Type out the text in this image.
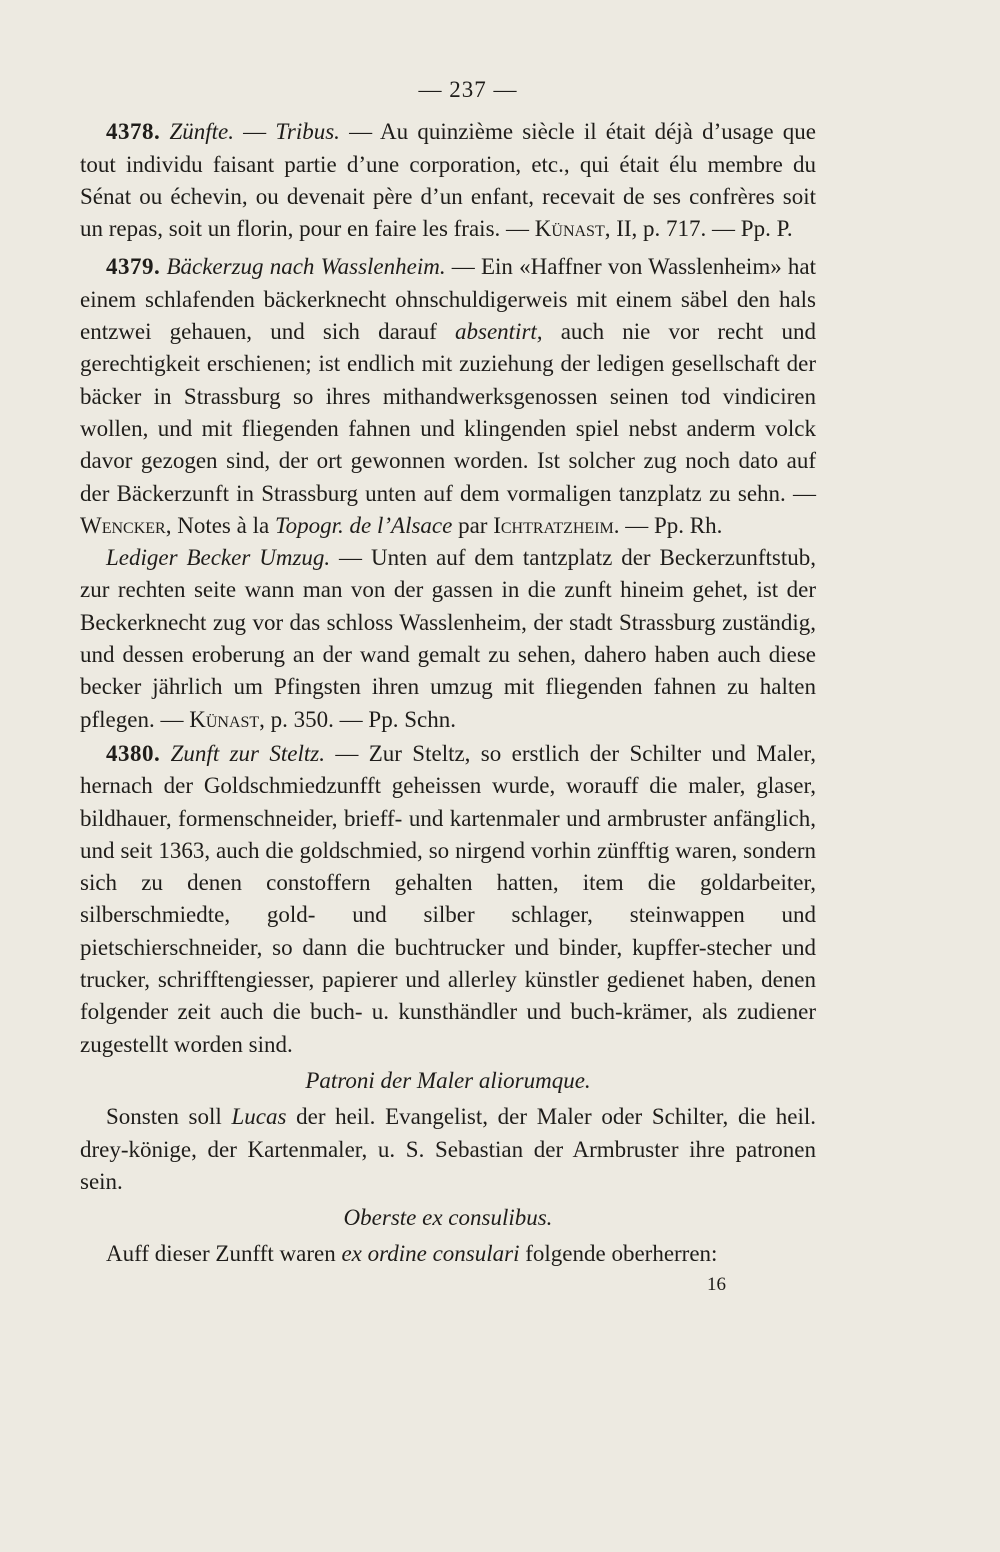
— 237 —

4378. Zünfte. — Tribus. — Au quinzième siècle il était déjà d’usage que tout individu faisant partie d’une corporation, etc., qui était élu membre du Sénat ou échevin, ou devenait père d’un enfant, recevait de ses confrères soit un repas, soit un florin, pour en faire les frais. — Künast, II, p. 717. — Pp. P.

4379. Bäckerzug nach Wasslenheim. — Ein «Haffner von Wasslenheim» hat einem schlafenden bäckerknecht ohnschuldigerweis mit einem säbel den hals entzwei gehauen, und sich darauf absentirt, auch nie vor recht und gerechtigkeit erschienen; ist endlich mit zuziehung der ledigen gesellschaft der bäcker in Strassburg so ihres mithandwerksgenossen seinen tod vindiciren wollen, und mit fliegenden fahnen und klingenden spiel nebst anderm volck davor gezogen sind, der ort gewonnen worden. Ist solcher zug noch dato auf der Bäckerzunft in Strassburg unten auf dem vormaligen tanzplatz zu sehn. — Wencker, Notes à la Topogr. de l’Alsace par Ichtratzheim. — Pp. Rh.

Lediger Becker Umzug. — Unten auf dem tantzplatz der Beckerzunftstub, zur rechten seite wann man von der gassen in die zunft hineim gehet, ist der Beckerknecht zug vor das schloss Wasslenheim, der stadt Strassburg zuständig, und dessen eroberung an der wand gemalt zu sehen, dahero haben auch diese becker jährlich um Pfingsten ihren umzug mit fliegenden fahnen zu halten pflegen. — Künast, p. 350. — Pp. Schn.

4380. Zunft zur Steltz. — Zur Steltz, so erstlich der Schilter und Maler, hernach der Goldschmiedzunfft geheissen wurde, worauff die maler, glaser, bildhauer, formenschneider, brieff- und kartenmaler und armbruster anfänglich, und seit 1363, auch die goldschmied, so nirgend vorhin zünfftig waren, sondern sich zu denen constoffern gehalten hatten, item die goldarbeiter, silberschmiedte, gold- und silber schlager, steinwappen und pietschierschneider, so dann die buchtrucker und binder, kupffer-stecher und trucker, schrifftengiesser, papierer und allerley künstler gedienet haben, denen folgender zeit auch die buch- u. kunsthändler und buch-krämer, als zudiener zugestellt worden sind.

Patroni der Maler aliorumque.

Sonsten soll Lucas der heil. Evangelist, der Maler oder Schilter, die heil. drey-könige, der Kartenmaler, u. S. Sebastian der Armbruster ihre patronen sein.

Oberste ex consulibus.

Auff dieser Zunfft waren ex ordine consulari folgende oberherren:

16
